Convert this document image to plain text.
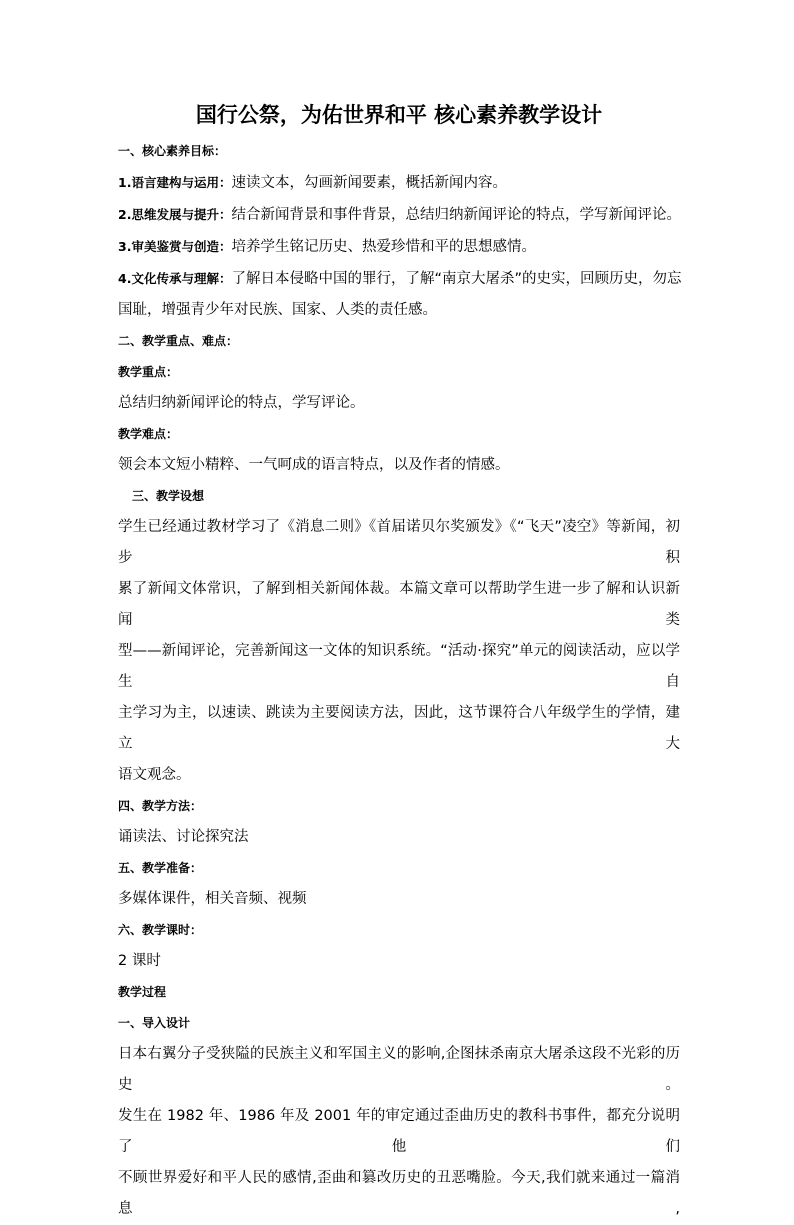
国行公祭，为佑世界和平 核心素养教学设计
一、核心素养目标：
1.语言建构与运用：速读文本，勾画新闻要素，概括新闻内容。
2.思维发展与提升：结合新闻背景和事件背景，总结归纳新闻评论的特点，学写新闻评论。
3.审美鉴赏与创造：培养学生铭记历史、热爱珍惜和平的思想感情。
4.文化传承与理解：了解日本侵略中国的罪行，了解“南京大屠杀”的史实，回顾历史，勿忘
国耻，增强青少年对民族、国家、人类的责任感。
二、教学重点、难点：
教学重点：
总结归纳新闻评论的特点，学写评论。
教学难点：
领会本文短小精粹、一气呵成的语言特点，以及作者的情感。
三、教学设想
学生已经通过教材学习了《消息二则》《首届诺贝尔奖颁发》《“飞天”凌空》等新闻，初步积
累了新闻文体常识，了解到相关新闻体裁。本篇文章可以帮助学生进一步了解和认识新闻类
型——新闻评论，完善新闻这一文体的知识系统。“活动·探究”单元的阅读活动，应以学生自
主学习为主，以速读、跳读为主要阅读方法，因此，这节课符合八年级学生的学情，建立大
语文观念。
四、教学方法：
诵读法、讨论探究法
五、教学准备：
多媒体课件，相关音频、视频
六、教学课时：
2 课时
教学过程
一、导入设计
日本右翼分子受狭隘的民族主义和军国主义的影响,企图抹杀南京大屠杀这段不光彩的历史。
发生在 1982 年、1986 年及 2001 年的审定通过歪曲历史的教科书事件，都充分说明了他们
不顾世界爱好和平人民的感情,歪曲和篡改历史的丑恶嘴脸。今天,我们就来通过一篇消息,
